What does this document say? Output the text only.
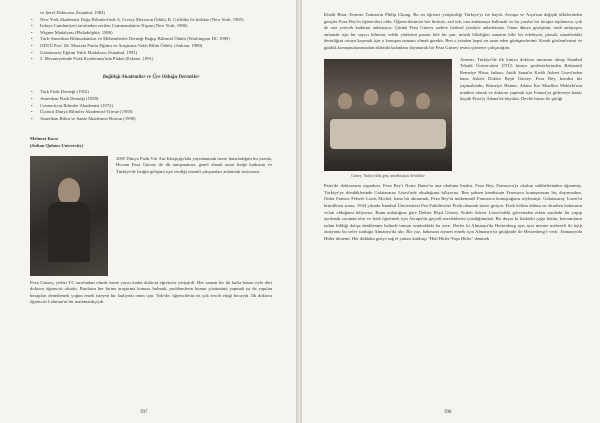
ve Şeref Doktorası (İstanbul, 1984)
• New York Akademisi Doğa Bilimleri'nde A. Cressy Morrison Ödülü, R. Griffiths ile birlikte (New York, 1985)
• Isifaya Cumhuriyeti tarafından verilen Commendatore Nişanı (New York, 1986)
• Wigner Madalyası (Philadelphia, 1986)
• Türk-Amerikan Bilimadamları ve Mühendisleri Derneği Bağışı Bilimsel Ödülü (Washington DC 1989)
• ODTÜ Prof. Dr. Mustafa Parlar Eğitim ve Araştırma Vakfı Bilim Ödülü, (Ankara, 1989)
• Galatasaray Eğitim Vakfı Madalyası (İstanbul, 1991)
• 5. Mezuniyetinde Fizik Konferansı'nda Plaket (Eskene, 1991)
Bağlılığı Akademiler ve Üye Olduğu Dernekler
• Türk Fizik Derneği (1952)
• Amerikan Fizik Derneği (1958)
• Connecticut Bilimler Akademisi (1972)
• Üçüncü Dünya Bilimler Akademisi-Trieste (1983)
• Amerikan Bilim ve Sanat Akademisi-Boston (1990)
Mehmet Kocu
(Sultan Qaboos University)

2005 Dünya Fizik Yılı Anı Kitapçığı'nda yayınlanmak üzere hazırladığım bu yazıda, Hocam Feza Gürsey ile ilk tanışmamızı, genel olarak onun fiziğe katkısını ve Türkiye'de fiziğin gelişimi için verdiği önemli çalışmaları anlatmak istiyorum.

Feza Gürsey, yedisi YC tarafından olmak üzere yarısı kadar doktora öğrencisi yetiştirdi. Her zaman bir iki hafta basını öyle dört doktora öğrencisi olurdu. Bunların her birine araştırma konusu bulmak, problemlerin bunun çözümünü yapmak ya da yapılan hesapları denetlemek yoğun emek isteyen bir faaliyetti onun için. Yale'de, öğrencilerin en çok tercih ettiği hocaydı. İlk doktora öğrencisi Lehman'ın bir matematikçiydi

397

Khalil Bitar, Ernesto Taiman'ın Philip Chung. Bu en öğrenci yetiştirdiği Türkiye'yi ise kaydı. Avrupa ve Asya'nın değişik ülkelerinden gençler Feza Bey'in öğrencileri oldu. Öğrencilerimizi her birimiz, asıl tek, ona anlatmaya kalkmak ve bu yazılar bir kitapta toplanırsa, çok de ona yetecek kadarını anlamayız. Çünkü Feza Gürsey sadece fiziksel yönüyle anlatılamaz. Onun dünya görüşünü, tarih anlayışını anlamak için bir sayıyı bilmeni, edebi yönlerini paranı bile bir şair, müzik bilirliğini sanatını bilir bir edebiyatı, plastik sanatlardaki derinliğini ortaya koymak için o konuşan uzmanı olmak gerekir. Ben o yönden hepsi en uzun eden görüşmelerimi. Kendi gözlemlerimi ve günlük konuşmalarımızdan aklımda kalanlara dayanarak bir Feza Gürsey resmi çizmeye çalışacağım.

Gürsey, Türkiye'deki genç meslektaşları ile birlikte

Annem, Türkiye'de ilk kimya doktora unvanını almış İstanbul Teknik Üniversitesi (İTÜ) kimya profesörlerinden Rabiaatül Remziye Hisar, babası, Antik Sanat'ta Kırklı Askeri Lisesi'nden bana Askeri Doktor Reşit Gürsey. Feza Bey, kendisi bir yapmaktadır, Remziye Hanım, Adana Kız Muallim Mektebi'nin müdüre olarak ve doktora yapmak için Fransa'ya giderseye kadar küçük Feza'yı Adana'da büyüttü. Devlet bursu ile gittiği

Paris'de doktorasını yaparken, Feza Bey'i Notre Dame'ın ana okuluna bıraktı. Feza Bey, Fransızca'yı okulun sahibelerinden öğrenmiş. Türkiye'ye döndüklerinde Galatasaray Lisesi'nde okuduğunu biliyoruz. Ben şahsen kendisinin Fransızca konuşmasını hiç duyamadım. Onlar Fransız Felsefe Louis Michel, bana bir aktarmak, Feza Bey'in mükemmel Fransızca konuştuğunu söylemişti. Galatasaray Lisesi'ni bitirdikten sonra, 1944 yılında İstanbul Üniversitesi Fen Fakültesi'ne Fizik okumak üzere giriyor. Fizik bölüm dahası ne okurken babasının vefatı olduğunu biliyoruz. Bunu anlattığına göre Doktor Reşit Gürsey, Kuleli Askeri Lisesi'ndeki görevinden erken saydadır bir yapıp ayrılmak zorunda olur ve fizik öğretmek için Avrupa'da geçirdi mesleklerini çözdüğümüzü. Bir duyar ki fizikteki çağrı bütün, kavramların tadını bildiği dalışa denklenme halinde tumun semboldaki bu yere. Derler ki Almanya'da Heisenberg ayıs aysi memiz mebereli ile üçtü zinsyonu bu sefer sonluğa Almanya'da alır. Bir yaz, babasına ziyaret etmek için Almanya'ya gittiğinde ile Heisenberg'e verir. Almanya'da Hitler dönemi. Her dükkânı giriye sağ el yukarı kaldırıp "Heil Hitler-Yaşa Hitler" denmek

398
